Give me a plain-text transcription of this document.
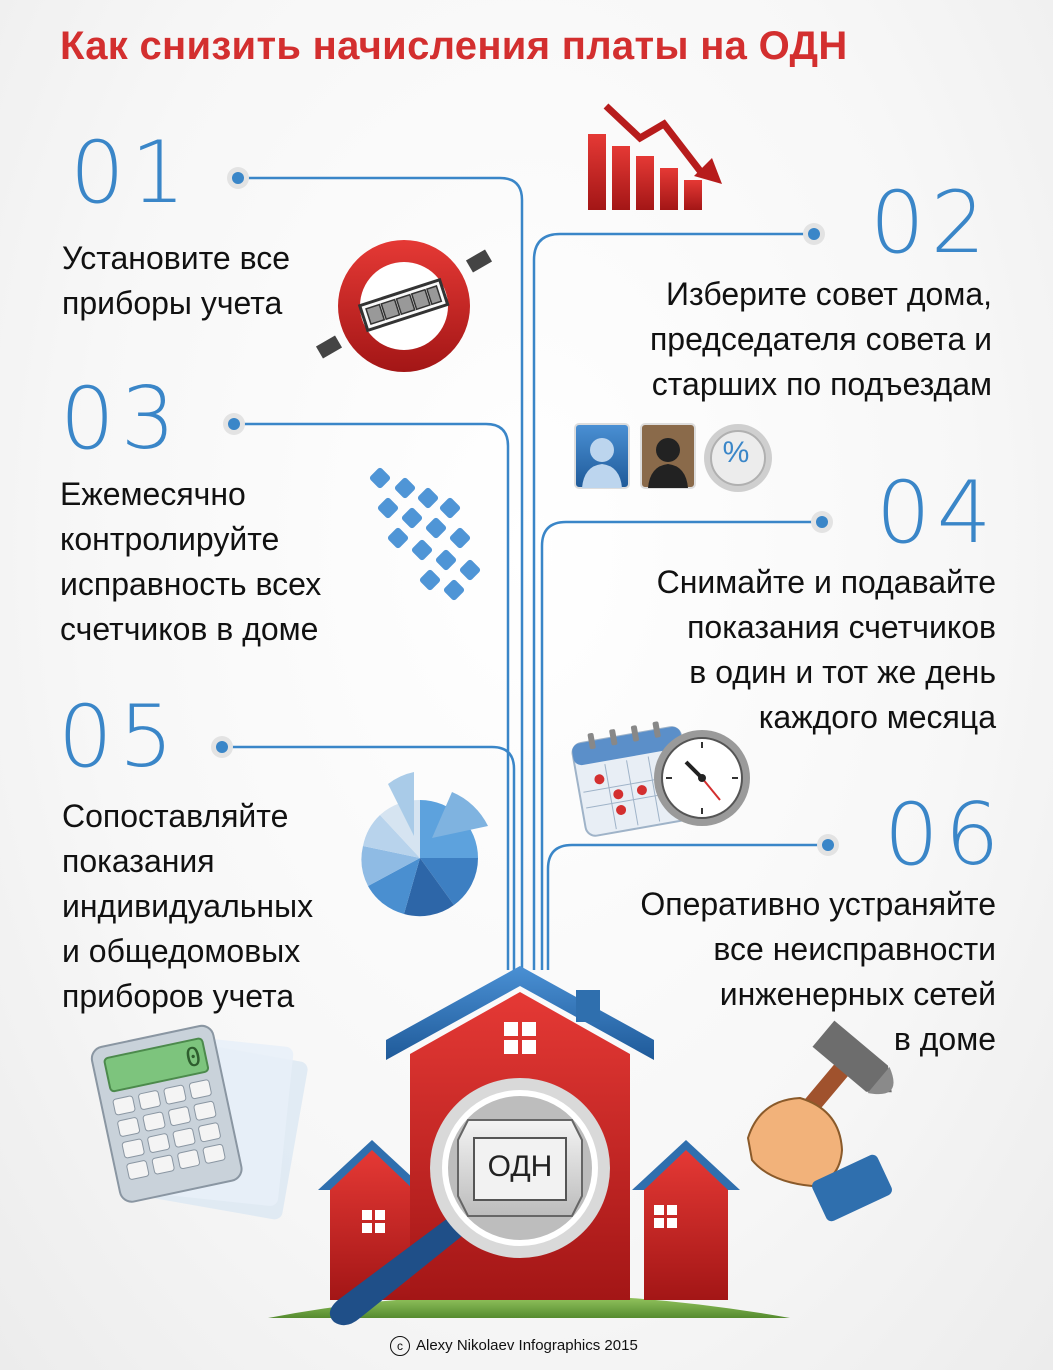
0
Как снизить начисления платы на ОДН
01
Установите все
приборы учета
02
Изберите совет дома,
председателя совета и
старших по подъездам
03
Ежемесячно
контролируйте
исправность всех
счетчиков в доме
04
Снимайте и подавайте
показания счетчиков
в один и тот же день
каждого месяца
05
Сопоставляйте
показания
индивидуальных
и общедомовых
приборов учета
06
Оперативно устраняйте
все неисправности
инженерных сетей
в доме
%
ОДН
c Alexy Nikolaev Infographics 2015
